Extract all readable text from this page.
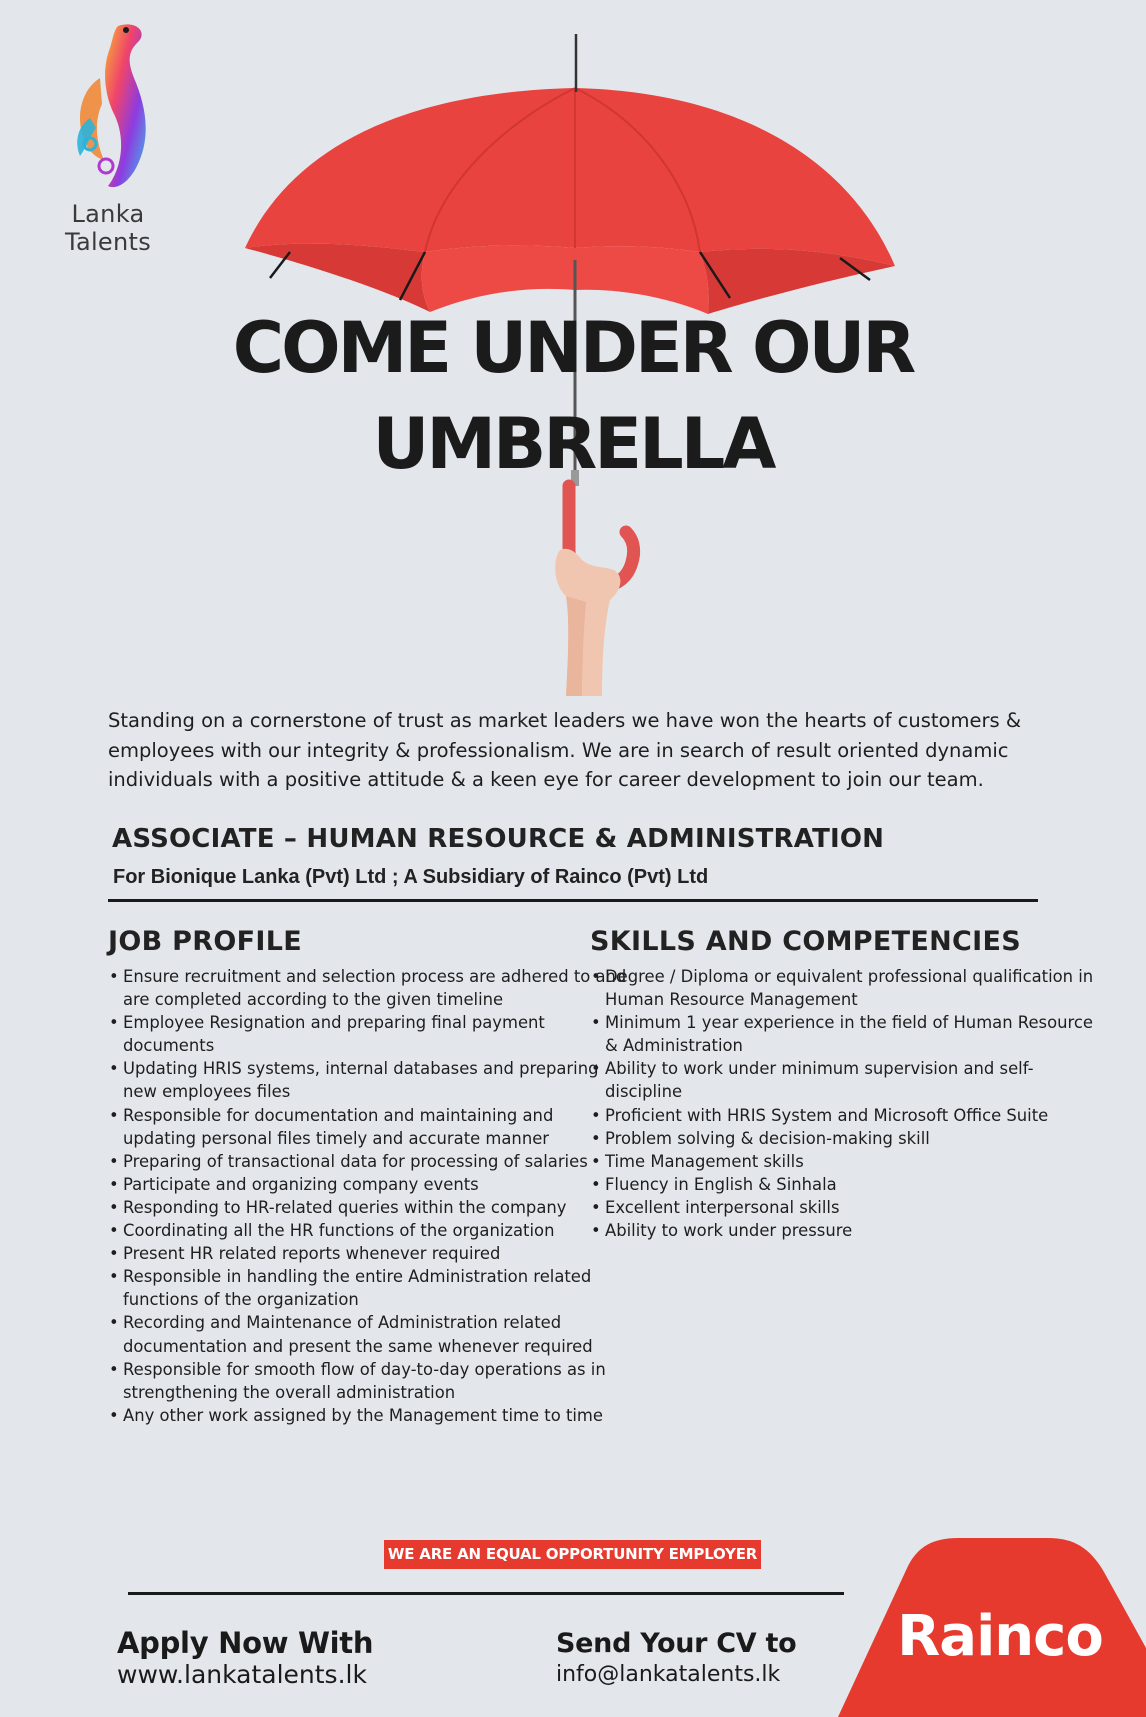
Lanka Talents
COME UNDER OUR
UMBRELLA
Standing on a cornerstone of trust as market leaders we have won the hearts of customers & employees with our integrity & professionalism. We are in search of result oriented dynamic individuals with a positive attitude & a keen eye for career development to join our team.
ASSOCIATE – HUMAN RESOURCE & ADMINISTRATION
For Bionique Lanka (Pvt) Ltd ; A Subsidiary of Rainco (Pvt) Ltd
JOB PROFILE
• Ensure recruitment and selection process are adhered to and are completed according to the given timeline
• Employee Resignation and preparing final payment documents
• Updating HRIS systems, internal databases and preparing new employees files
• Responsible for documentation and maintaining and updating personal files timely and accurate manner
• Preparing of transactional data for processing of salaries
• Participate and organizing company events
• Responding to HR-related queries within the company
• Coordinating all the HR functions of the organization
• Present HR related reports whenever required
• Responsible in handling the entire Administration related functions of the organization
• Recording and Maintenance of Administration related documentation and present the same whenever required
• Responsible for smooth flow of day-to-day operations as in strengthening the overall administration
• Any other work assigned by the Management time to time
SKILLS AND COMPETENCIES
• Degree / Diploma or equivalent professional qualification in Human Resource Management
• Minimum 1 year experience in the field of Human Resource & Administration
• Ability to work under minimum supervision and self-discipline
• Proficient with HRIS System and Microsoft Office Suite
• Problem solving & decision-making skill
• Time Management skills
• Fluency in English & Sinhala
• Excellent interpersonal skills
• Ability to work under pressure
WE ARE AN EQUAL OPPORTUNITY EMPLOYER
Apply Now With
www.lankatalents.lk
Send Your CV to
info@lankatalents.lk
Rainco
